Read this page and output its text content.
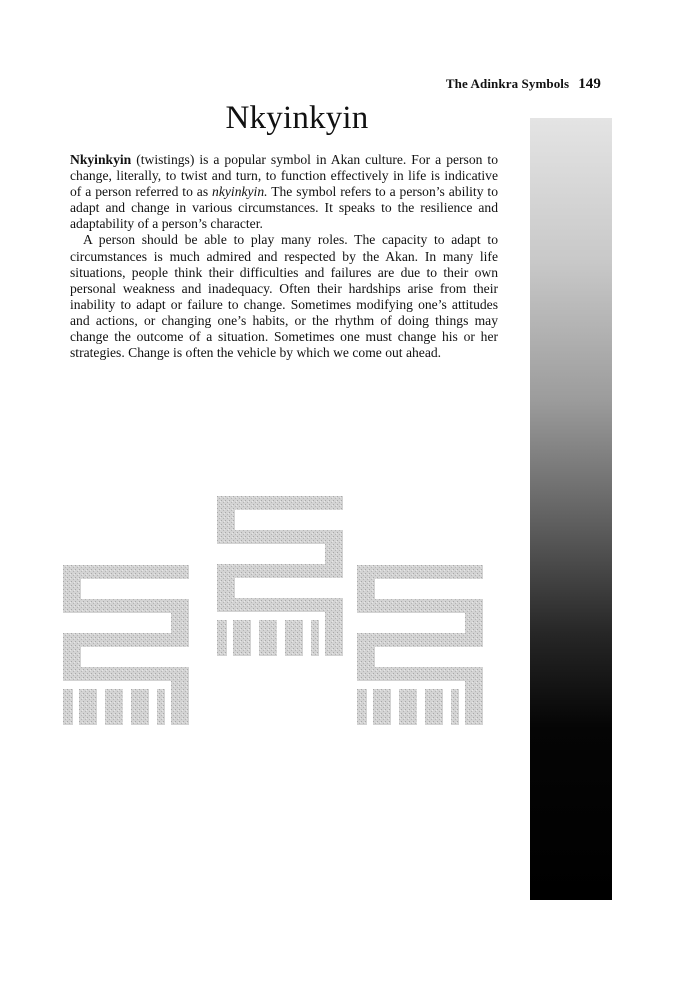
The Adinkra Symbols 149
Nkyinkyin

Nkyinkyin (twistings) is a popular symbol in Akan culture. For a person to change, literally, to twist and turn, to function effectively in life is indicative of a person referred to as nkyinkyin. The symbol refers to a person’s ability to adapt and change in various circumstances. It speaks to the resilience and adaptability of a person’s character.

A person should be able to play many roles. The capacity to adapt to circumstances is much admired and respected by the Akan. In many life situations, people think their difficulties and failures are due to their own personal weakness and inadequacy. Often their hardships arise from their inability to adapt or failure to change. Sometimes modifying one’s attitudes and actions, or changing one’s habits, or the rhythm of doing things may change the outcome of a situation. Sometimes one must change his or her strategies. Change is often the vehicle by which we come out ahead.
